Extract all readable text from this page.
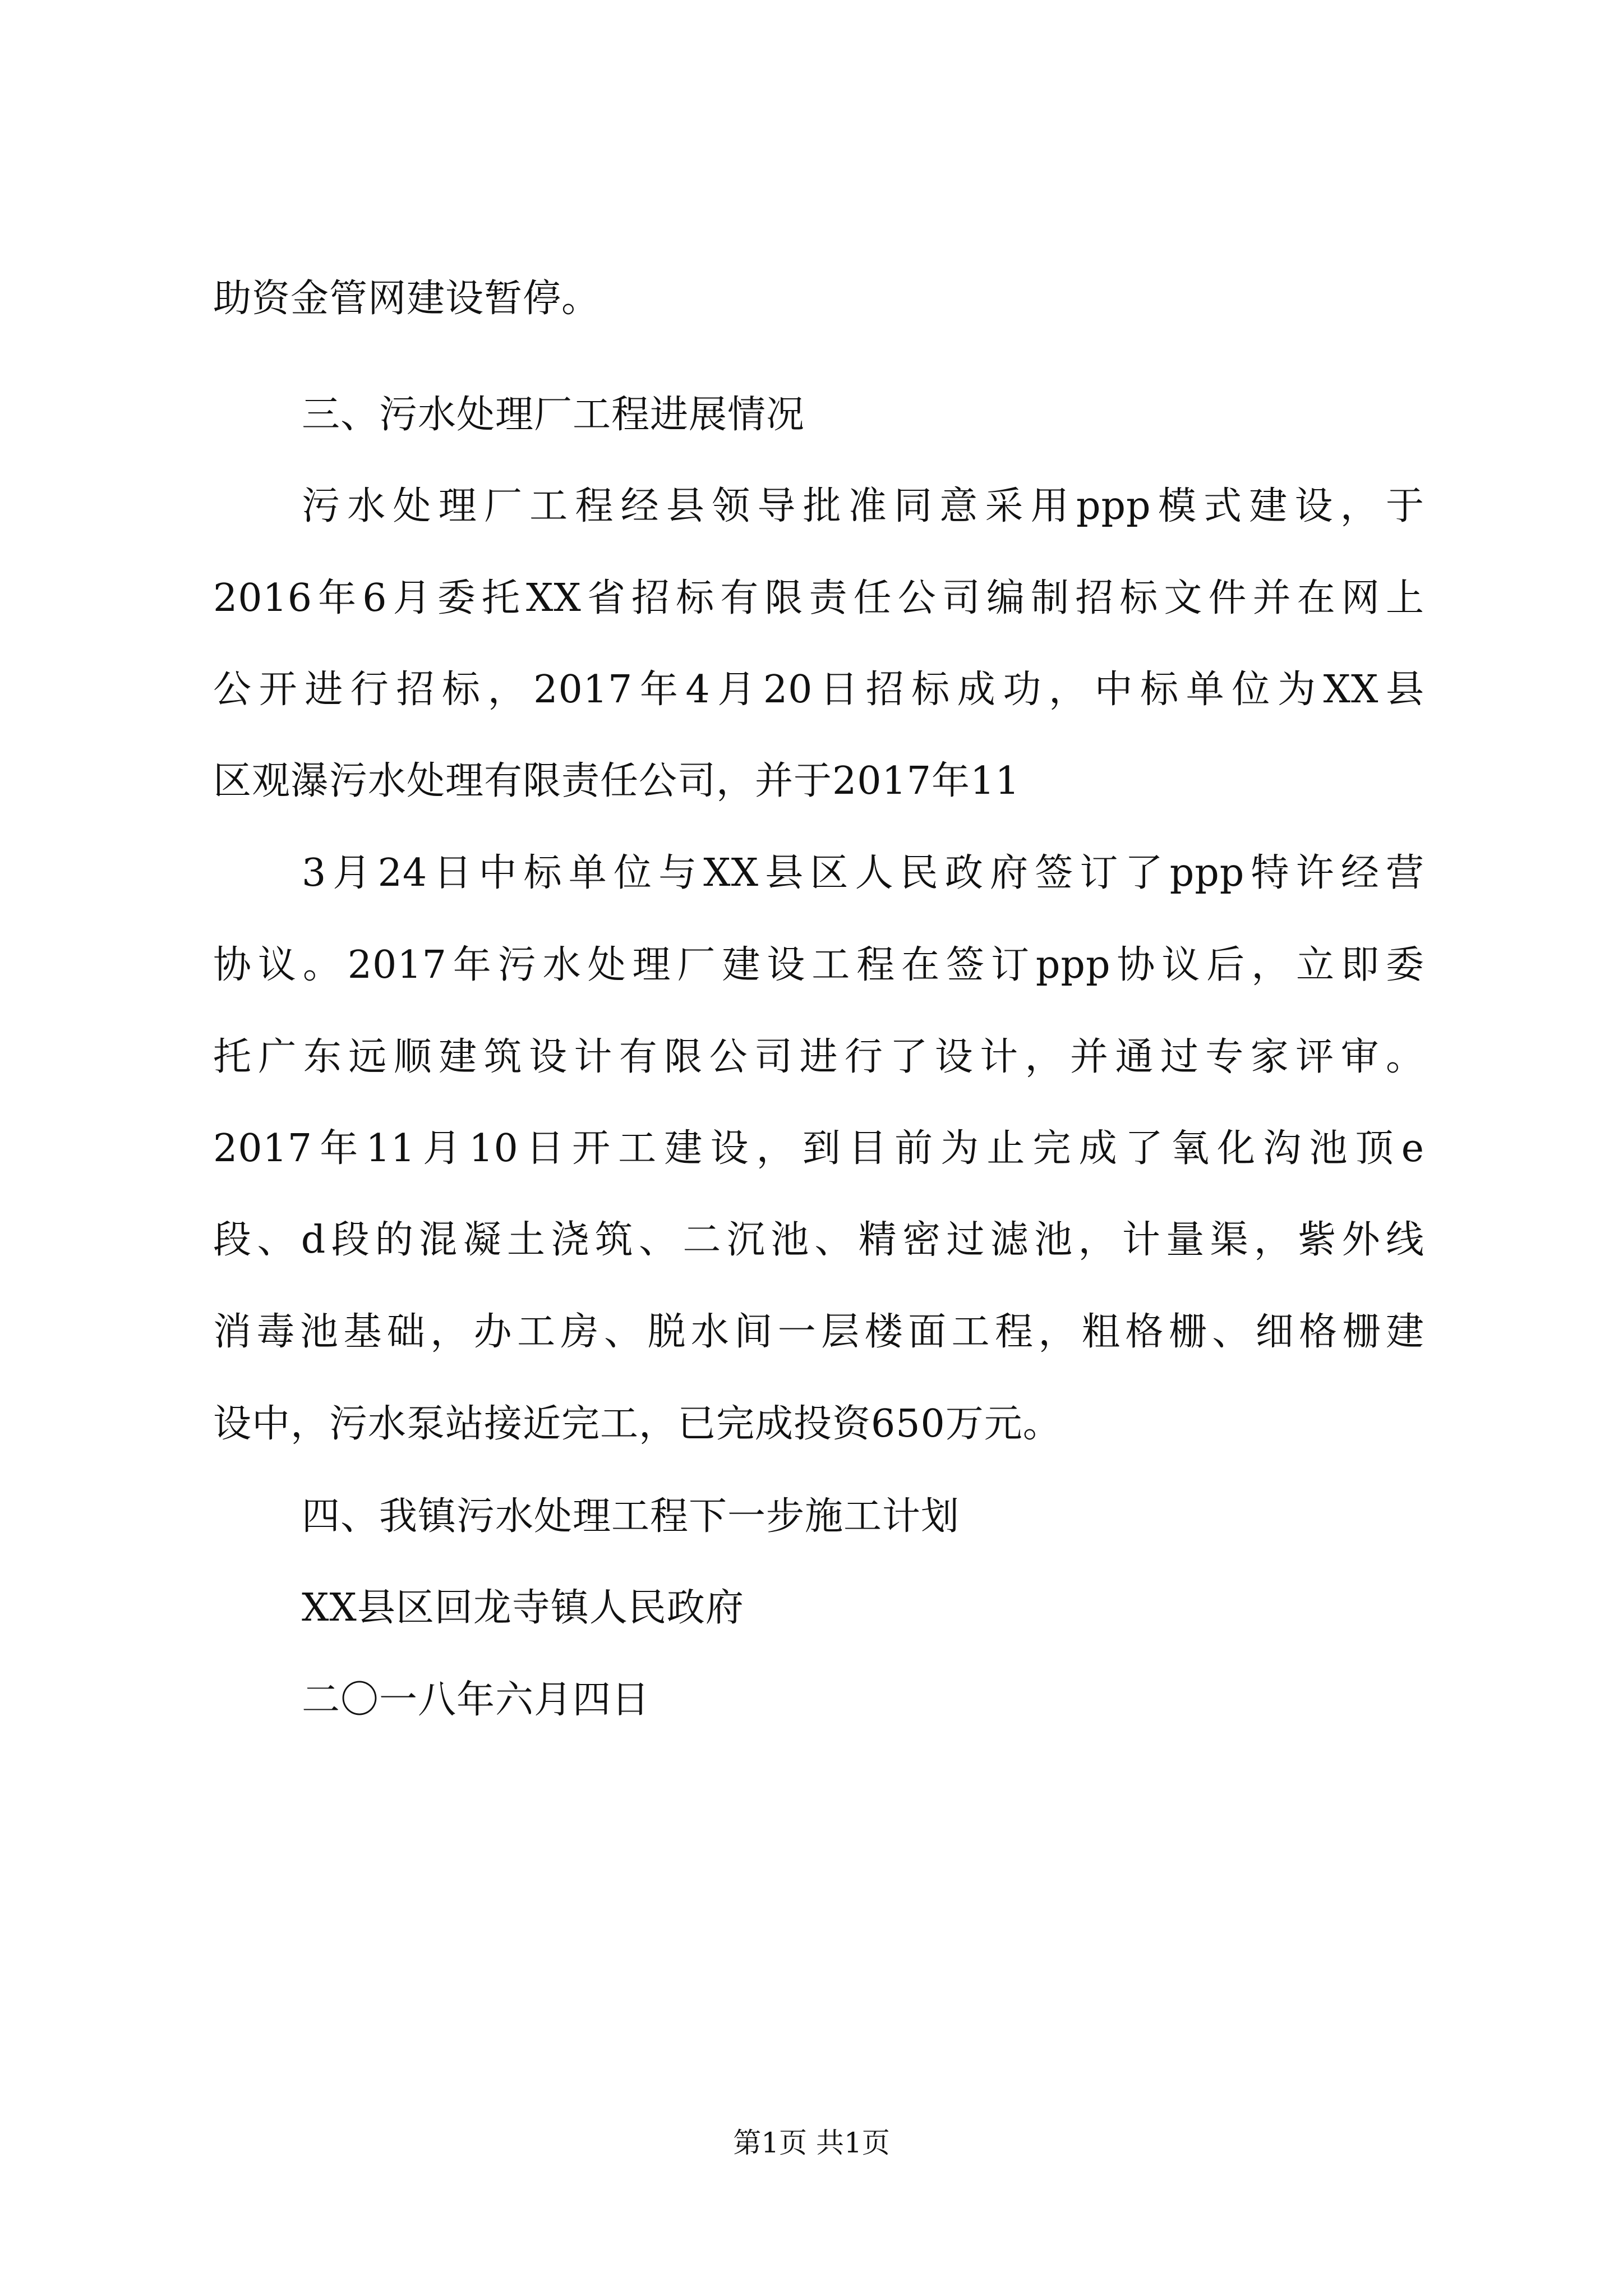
助资金管网建设暂停。
三、污水处理厂工程进展情况
污水处理厂工程经县领导批准同意采用ppp模式建设，于
2016年6月委托XX省招标有限责任公司编制招标文件并在网上
公开进行招标，2017年4月20日招标成功，中标单位为XX县
区观瀑污水处理有限责任公司，并于2017年11
3月24日中标单位与XX县区人民政府签订了ppp特许经营
协议。2017年污水处理厂建设工程在签订ppp协议后，立即委
托广东远顺建筑设计有限公司进行了设计，并通过专家评审。
2017年11月10日开工建设，到目前为止完成了氧化沟池顶e
段、d段的混凝土浇筑、二沉池、精密过滤池，计量渠，紫外线
消毒池基础，办工房、脱水间一层楼面工程，粗格栅、细格栅建
设中，污水泵站接近完工，已完成投资650万元。
四、我镇污水处理工程下一步施工计划
XX县区回龙寺镇人民政府
二〇一八年六月四日
第1页 共1页
